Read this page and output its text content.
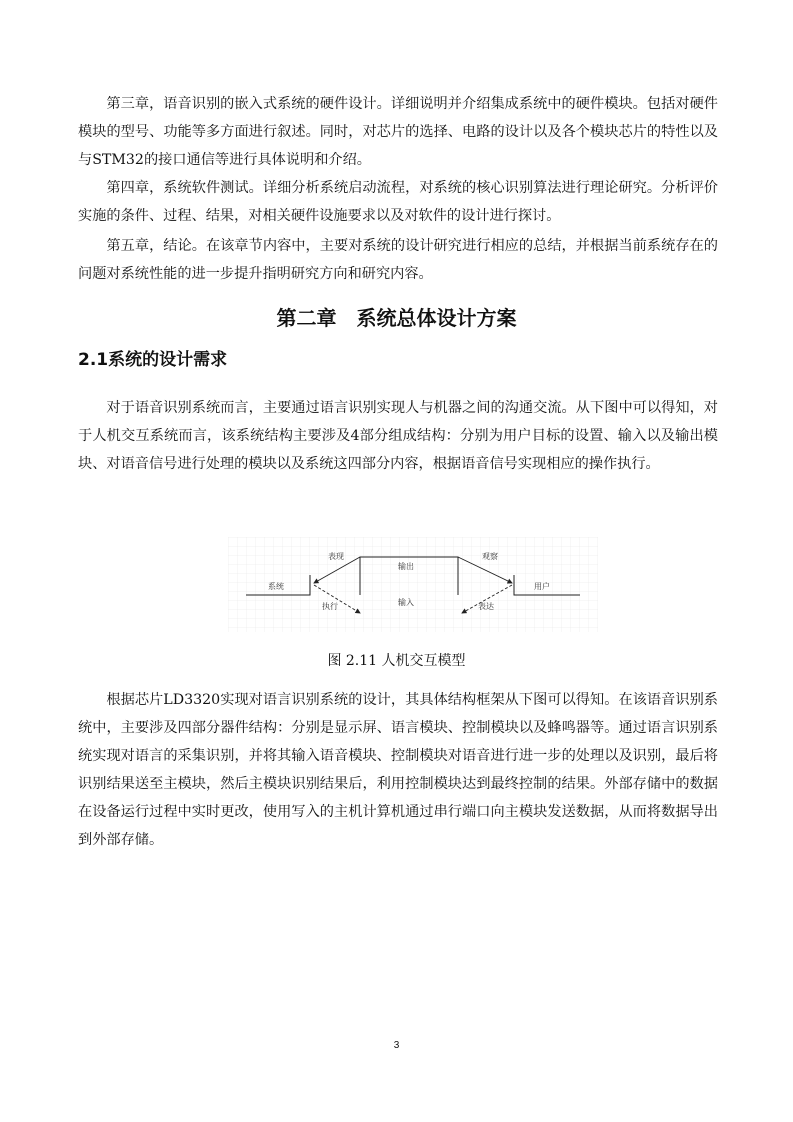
第三章，语音识别的嵌入式系统的硬件设计。详细说明并介绍集成系统中的硬件模块。包括对硬件模块的型号、功能等多方面进行叙述。同时，对芯片的选择、电路的设计以及各个模块芯片的特性以及与STM32的接口通信等进行具体说明和介绍。

第四章，系统软件测试。详细分析系统启动流程，对系统的核心识别算法进行理论研究。分析评价实施的条件、过程、结果，对相关硬件设施要求以及对软件的设计进行探讨。

第五章，结论。在该章节内容中，主要对系统的设计研究进行相应的总结，并根据当前系统存在的问题对系统性能的进一步提升指明研究方向和研究内容。

第二章　系统总体设计方案
2.1系统的设计需求

对于语音识别系统而言，主要通过语言识别实现人与机器之间的沟通交流。从下图中可以得知，对于人机交互系统而言，该系统结构主要涉及4部分组成结构：分别为用户目标的设置、输入以及输出模块、对语音信号进行处理的模块以及系统这四部分内容，根据语音信号实现相应的操作执行。

系统
输出
输入
用户
表现
执行
观察
表达

图 2.11 人机交互模型

根据芯片LD3320实现对语言识别系统的设计，其具体结构框架从下图可以得知。在该语音识别系统中，主要涉及四部分器件结构：分别是显示屏、语言模块、控制模块以及蜂鸣器等。通过语言识别系统实现对语言的采集识别，并将其输入语音模块、控制模块对语音进行进一步的处理以及识别，最后将识别结果送至主模块，然后主模块识别结果后，利用控制模块达到最终控制的结果。外部存储中的数据在设备运行过程中实时更改，使用写入的主机计算机通过串行端口向主模块发送数据，从而将数据导出到外部存储。

3
